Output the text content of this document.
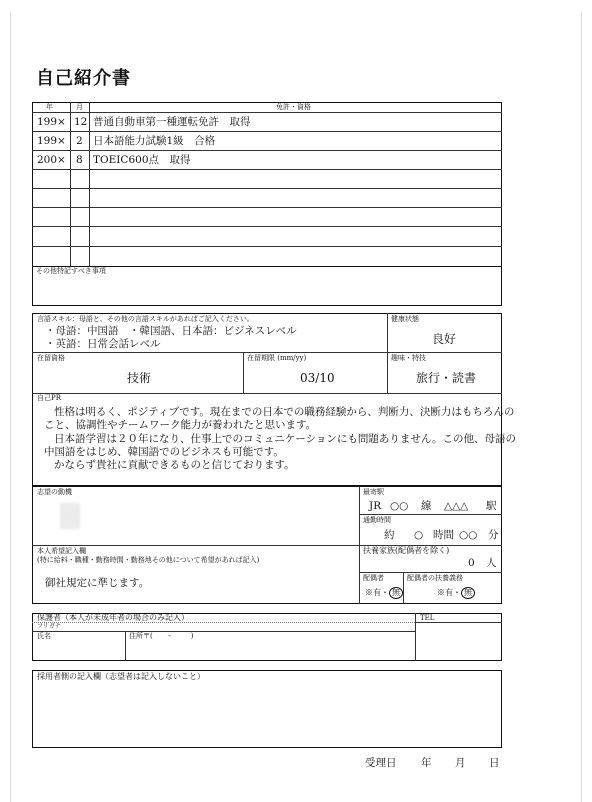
自己紹介書
年	月	免許・資格
199× 12 普通自動車第一種運転免許　取得
199× 2 日本語能力試験1級　合格
200× 8 TOEIC600点　取得
その他特記すべき事項
言語スキル：母語と、その他の言語スキルがあればご記入ください。
・母語：中国語　・韓国語、日本語：ビジネスレベル
・英語：日常会話レベル
健康状態
良好
在留資格
技術
在留期限 (mm/yy)
03/10
趣味・特技
旅行・読書
自己PR
性格は明るく、ポジティブです。現在までの日本での職務経験から、判断力、決断力はもちろんの
こと、協調性やチームワーク能力が養われたと思います。
日本語学習は２０年になり、仕事上でのコミュニケーションにも問題ありません。この他、母語の
中国語をはじめ、韓国語でのビジネスも可能です。
かならず貴社に貢献できるものと信じております。
志望の動機	最寄駅
JR ○○ 線 △△△ 駅
通勤時間
約 ○ 時間 ○○ 分
扶養家族(配偶者を除く)
0 人
配偶者
※有・ 無
配偶者の扶養義務
※有・ 無
本人希望記入欄
(特に給料・職種・勤務時間・勤務地その他について希望があれば記入)
御社規定に準じます。
保護者（本人が未成年者の場合のみ記入）
フリガナ
氏名	住所〒 ( -	)
TEL
採用者側の記入欄（志望者は記入しないこと）
受理日 年 月 日
